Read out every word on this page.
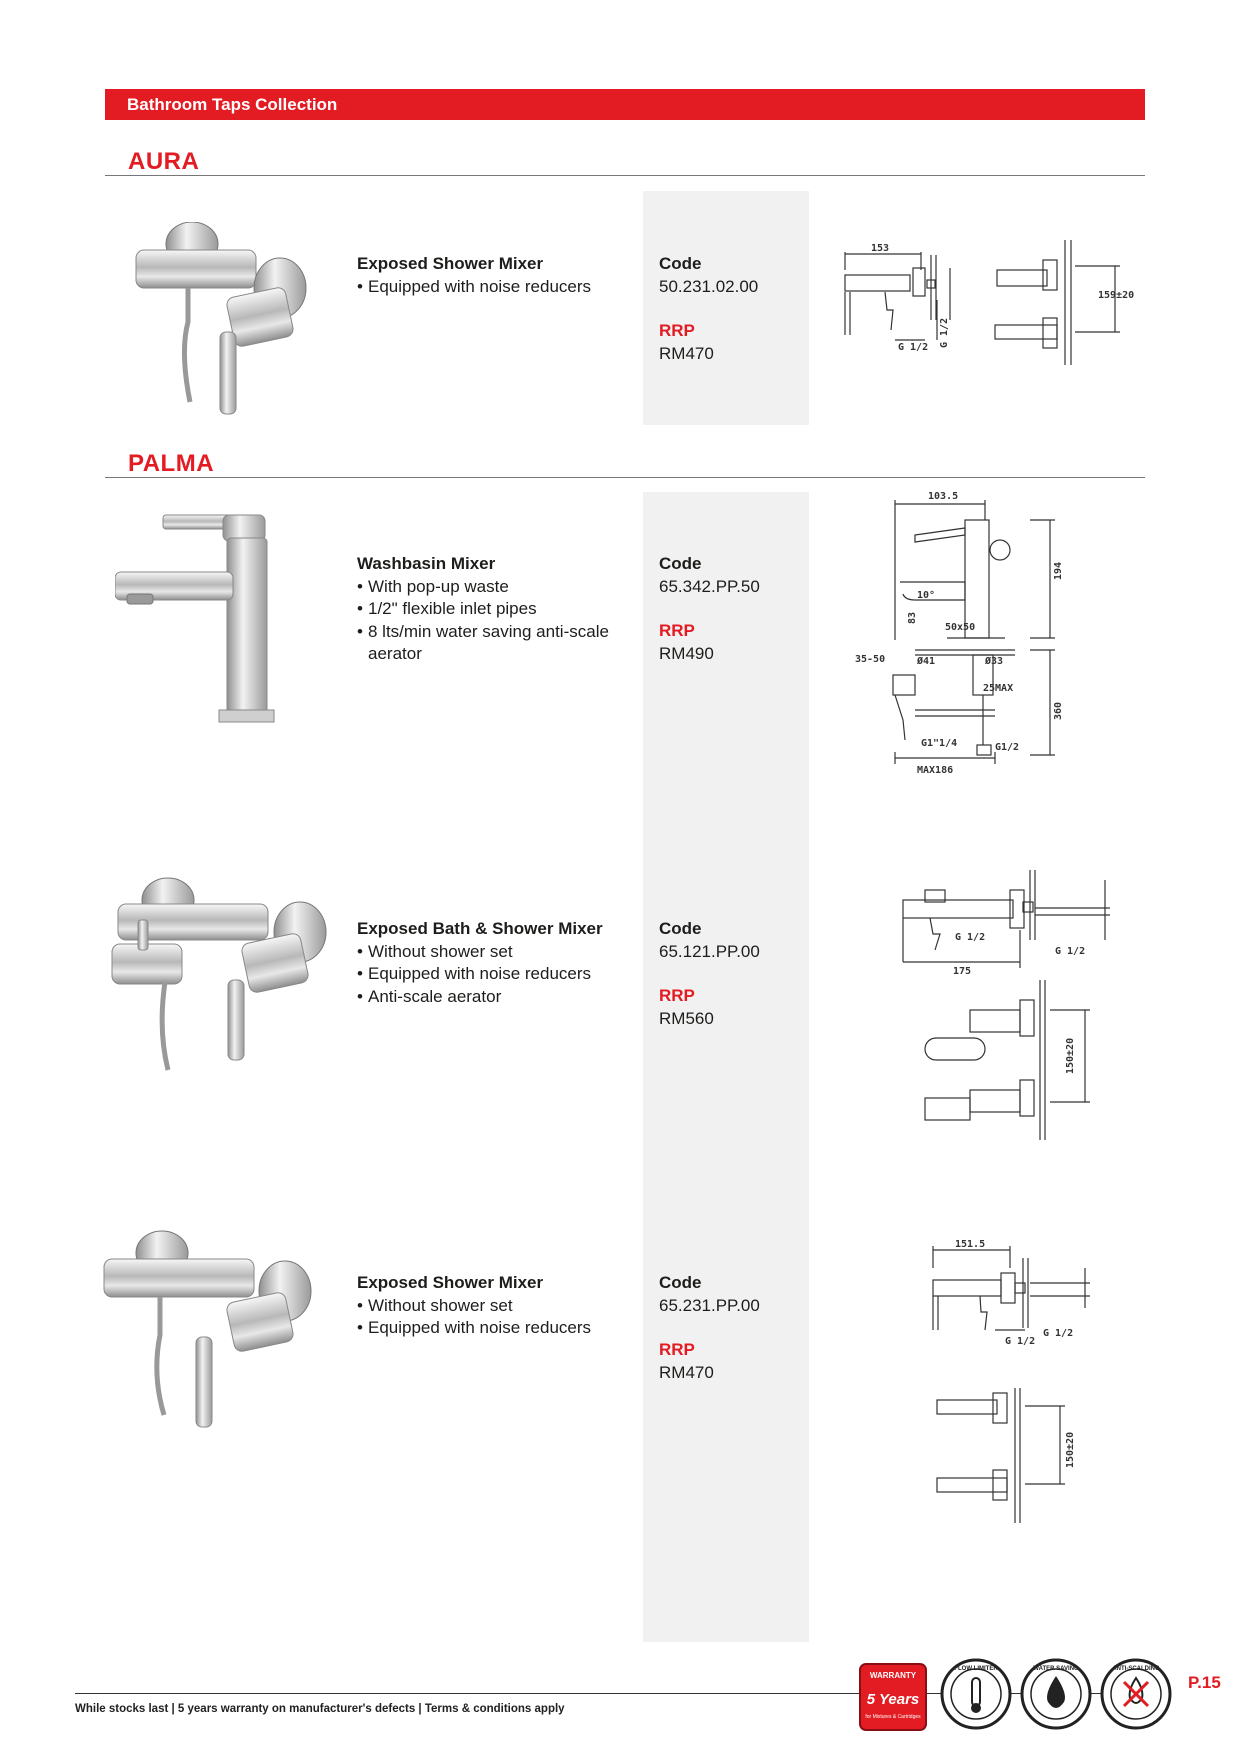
Bathroom Taps Collection
AURA
PALMA
Exposed Shower Mixer
• Equipped with noise reducers
Code
50.231.02.00
RRP
RM470
153
159±20
G 1/2 G 1/2
Washbasin Mixer
• With pop-up waste
• 1/2" flexible inlet pipes
• 8 lts/min water saving anti-scale aerator
Code
65.342.PP.50
RRP
RM490
103.5
194
10°
83
50x50
Ø41	Ø33
35-50
25MAX
360
G1"1/4	G1/2
MAX186
Exposed Bath & Shower Mixer
• Without shower set
• Equipped with noise reducers
• Anti-scale aerator
Code
65.121.PP.00
RRP
RM560
G 1/2
G 1/2
175
150±20
Exposed Shower Mixer
• Without shower set
• Equipped with noise reducers
Code
65.231.PP.00
RRP
RM470
151.5
G 1/2
G 1/2
150±20
While stocks last | 5 years warranty on manufacturer's defects | Terms & conditions apply
P.15
WARRANTY
5 Years
for Mixtures & Cartridges
FLOW LIMITER	WATER SAVING	ANTI-SCALDING
